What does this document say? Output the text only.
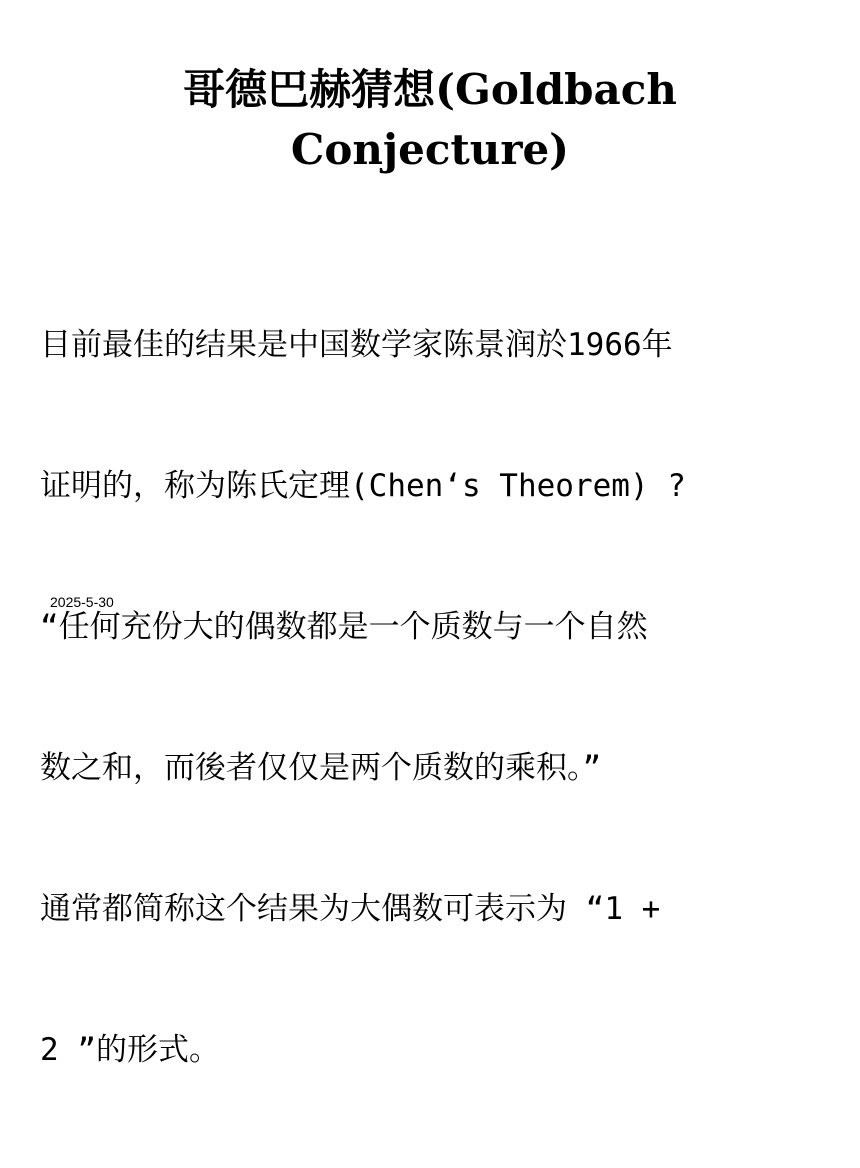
哥德巴赫猜想(Goldbach
Conjecture)

目前最佳的结果是中国数学家陈景润於1966年

证明的，称为陈氏定理(Chen‘s Theorem) ?

“任何充份大的偶数都是一个质数与一个自然

数之和，而後者仅仅是两个质数的乘积。”

通常都简称这个结果为大偶数可表示为 “1 +

2 ”的形式。

2025-5-30
